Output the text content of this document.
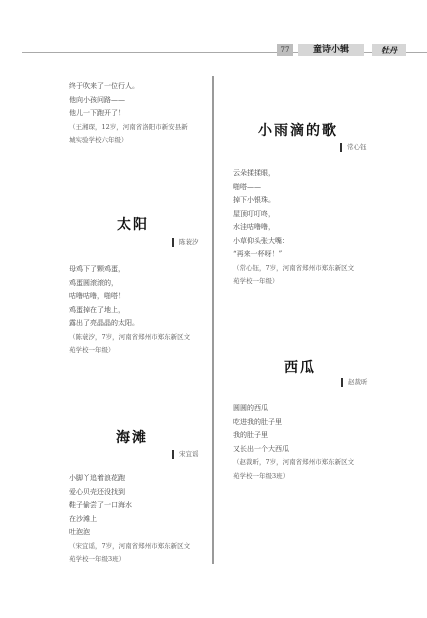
77	童诗小辑	牡丹
终于吹来了一位行人。
他向小孩问路——
他儿一下跑开了！
（王湘琛，12岁，河南省洛阳市新安县新
城实验学校六年级）
太阳
陈蓑汐
母鸡下了颗鸡蛋，
鸡蛋圆滚滚的，
咕噜咕噜，啪嗒！
鸡蛋掉在了地上，
露出了亮晶晶的太阳。
（陈蓑汐，7岁，河南省郑州市郑东新区文
苑学校一年级）
海滩
宋宜谣
小脚丫追着浪花跑
爱心贝壳还没找到
鞋子偷尝了一口海水
在沙滩上
吐泡泡
（宋宜谣，7岁，河南省郑州市郑东新区文
苑学校一年级3班）
小雨滴的歌
常心钰
云朵揉揉眼，
啪嗒——
掉下小银珠。
屋顶叮叮咚，
水洼咕噜噜，
小草仰头张大嘴：
“再来一杯呀！”
（常心钰，7岁，河南省郑州市郑东新区文
苑学校一年级）
西瓜
赵裁昕
圆圆的西瓜
吃进我的肚子里
我的肚子里
又长出一个大西瓜
（赵裁昕，7岁，河南省郑州市郑东新区文
苑学校一年级3班）
